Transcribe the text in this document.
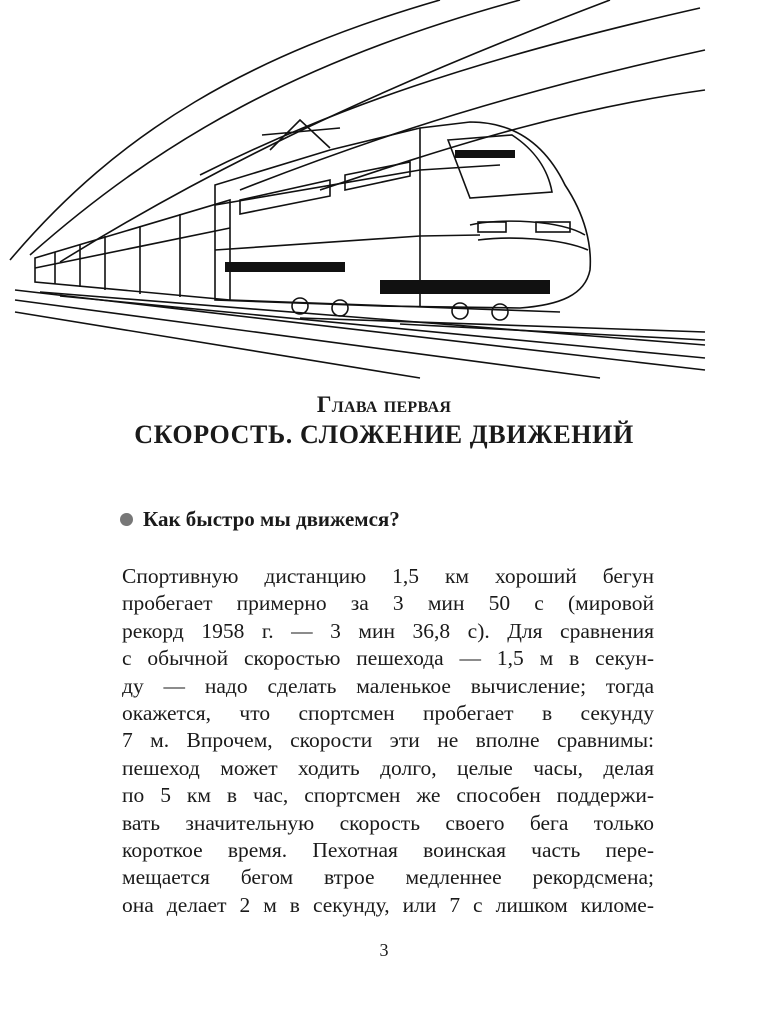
Глава первая
СКОРОСТЬ. СЛОЖЕНИЕ ДВИЖЕНИЙ
Как быстро мы движемся?
Спортивную дистанцию 1,5 км хороший бегун
пробегает примерно за 3 мин 50 с (мировой
рекорд 1958 г. — 3 мин 36,8 с). Для сравнения
с обычной скоростью пешехода — 1,5 м в секун-
ду — надо сделать маленькое вычисление; тогда
окажется, что спортсмен пробегает в секунду
7 м. Впрочем, скорости эти не вполне сравнимы:
пешеход может ходить долго, целые часы, делая
по 5 км в час, спортсмен же способен поддержи-
вать значительную скорость своего бега только
короткое время. Пехотная воинская часть пере-
мещается бегом втрое медленнее рекордсмена;
она делает 2 м в секунду, или 7 с лишком киломе-
3
